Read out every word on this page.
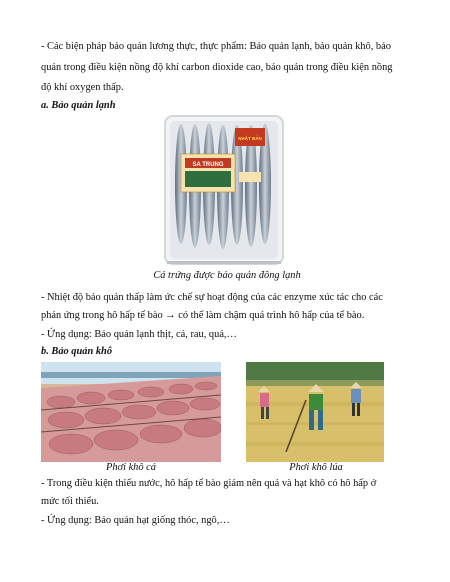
- Các biện pháp bảo quản lương thực, thực phẩm: Bảo quản lạnh, bảo quản khô, bảo
quản trong điều kiện nồng độ khí carbon dioxide cao, bảo quản trong điều kiện nồng
độ khí oxygen thấp.
a. Bảo quản lạnh
SA TRUNG
NHẬT BẢN
Cá trứng được bảo quản đông lạnh
- Nhiệt độ bảo quản thấp làm ức chế sự hoạt động của các enzyme xúc tác cho các
phản ứng trong hô hấp tế bào → có thể làm chậm quá trình hô hấp của tế bào.
- Ứng dụng: Bảo quản lạnh thịt, cá, rau, quả,…
b. Bảo quản khô
Phơi khô cá	Phơi khô lúa
- Trong điều kiện thiếu nước, hô hấp tế bào giảm nên quả và hạt khô có hô hấp ở
mức tối thiểu.
- Ứng dụng: Bảo quản hạt giống thóc, ngô,…
